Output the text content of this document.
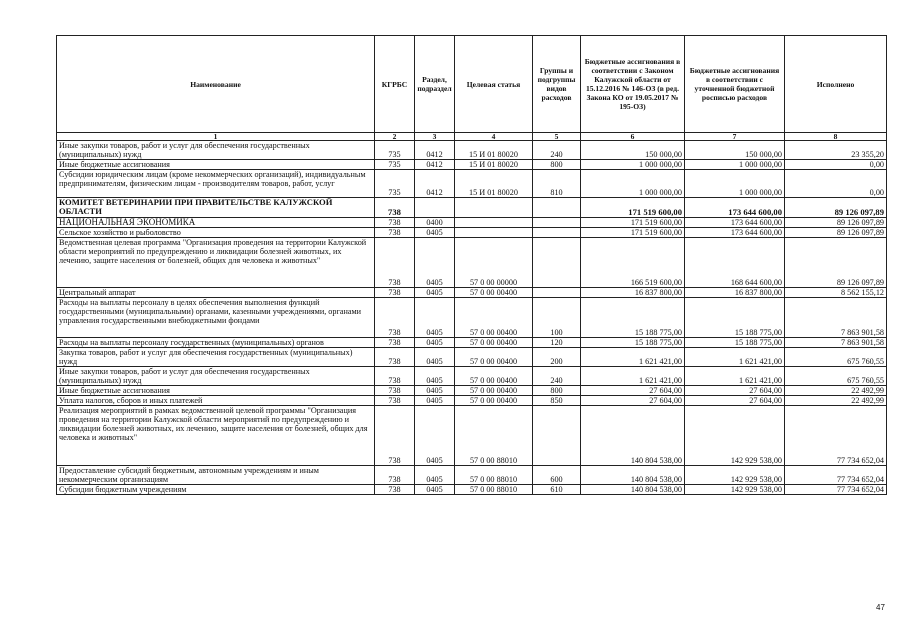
Наименование	КГРБС	Раздел, подраздел	Целевая статья	Группы и подгруппы видов расходов	Бюджетные ассигнования в соответствии с Законом Калужской области от 15.12.2016 № 146-ОЗ (в ред. Закона КО от 19.05.2017 № 195-ОЗ)	Бюджетные ассигнования в соответствии с уточненной бюджетной росписью расходов	Исполнено
1	2	3	4	5	6	7	8
Иные закупки товаров, работ и услуг для обеспечения государственных (муниципальных) нужд	735	0412	15 И 01 80020	240	150 000,00	150 000,00	23 355,20
Иные бюджетные ассигнования	735	0412	15 И 01 80020	800	1 000 000,00	1 000 000,00	0,00
Субсидии юридическим лицам (кроме некоммерческих организаций), индивидуальным предпринимателям, физическим лицам - производителям товаров, работ, услуг	735	0412	15 И 01 80020	810	1 000 000,00	1 000 000,00	0,00
КОМИТЕТ ВЕТЕРИНАРИИ ПРИ ПРАВИТЕЛЬСТВЕ КАЛУЖСКОЙ ОБЛАСТИ	738				171 519 600,00	173 644 600,00	89 126 097,89
НАЦИОНАЛЬНАЯ ЭКОНОМИКА	738	0400			171 519 600,00	173 644 600,00	89 126 097,89
Сельское хозяйство и рыболовство	738	0405			171 519 600,00	173 644 600,00	89 126 097,89
Ведомственная целевая программа "Организация проведения на территории Калужской области мероприятий по предупреждению и ликвидации болезней животных, их лечению, защите населения от болезней, общих для человека и животных"	738	0405	57 0 00 00000		166 519 600,00	168 644 600,00	89 126 097,89
Центральный аппарат	738	0405	57 0 00 00400		16 837 800,00	16 837 800,00	8 562 155,12
Расходы на выплаты персоналу в целях обеспечения выполнения функций государственными (муниципальными) органами, казенными учреждениями, органами управления государственными внебюджетными фондами	738	0405	57 0 00 00400	100	15 188 775,00	15 188 775,00	7 863 901,58
Расходы на выплаты персоналу государственных (муниципальных) органов	738	0405	57 0 00 00400	120	15 188 775,00	15 188 775,00	7 863 901,58
Закупка товаров, работ и услуг для обеспечения государственных (муниципальных) нужд	738	0405	57 0 00 00400	200	1 621 421,00	1 621 421,00	675 760,55
Иные закупки товаров, работ и услуг для обеспечения государственных (муниципальных) нужд	738	0405	57 0 00 00400	240	1 621 421,00	1 621 421,00	675 760,55
Иные бюджетные ассигнования	738	0405	57 0 00 00400	800	27 604,00	27 604,00	22 492,99
Уплата налогов, сборов и иных платежей	738	0405	57 0 00 00400	850	27 604,00	27 604,00	22 492,99
Реализация мероприятий в рамках ведомственной целевой программы "Организация проведения на территории Калужской области мероприятий по предупреждению и ликвидации болезней животных, их лечению, защите населения от болезней, общих для человека и животных"	738	0405	57 0 00 88010		140 804 538,00	142 929 538,00	77 734 652,04
Предоставление субсидий бюджетным, автономным учреждениям и иным некоммерческим организациям	738	0405	57 0 00 88010	600	140 804 538,00	142 929 538,00	77 734 652,04
Субсидии бюджетным учреждениям	738	0405	57 0 00 88010	610	140 804 538,00	142 929 538,00	77 734 652,04
47
